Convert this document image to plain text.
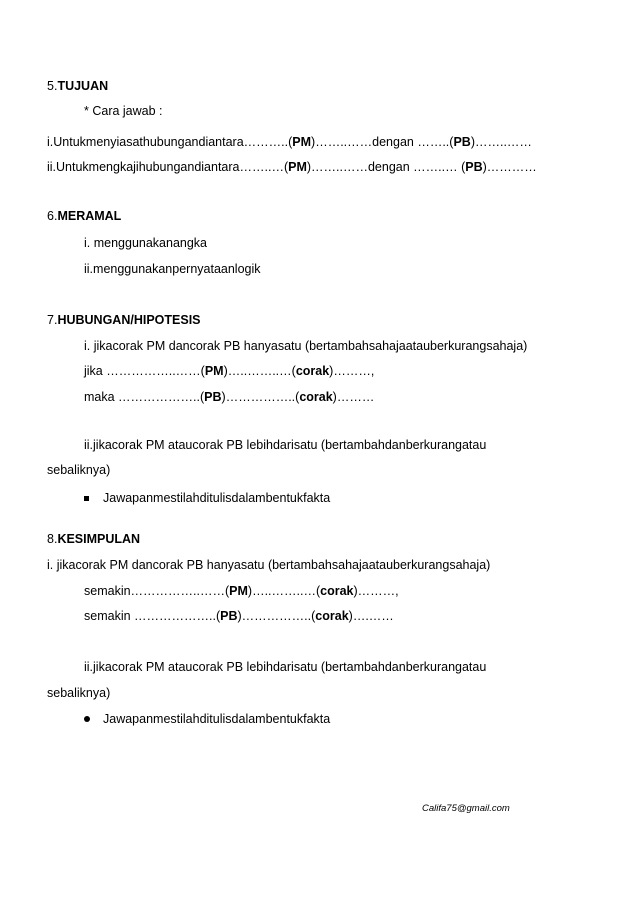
5.TUJUAN
* Cara jawab :
i.Untukmenyiasathubungandiantara………..(PM)……..……dengan ……..(PB)……..……
ii.Untukmengkajihubungandiantara……..…(PM)……..……dengan ……..… (PB)…………
6.MERAMAL
i. menggunakanangka
ii.menggunakanpernyataanlogik
7.HUBUNGAN/HIPOTESIS
i. jikacorak PM dancorak PB hanyasatu (bertambahsahajaatauberkurangsahaja)
jika ……………..……(PM)…..……..…(corak)………,
maka ………………..(PB)……………..(corak)………
ii.jikacorak PM ataucorak PB lebihdarisatu (bertambahdanberkurangatau
sebaliknya)
Jawapanmestilahditulisdalambentukfakta
8.KESIMPULAN
i. jikacorak PM dancorak PB hanyasatu (bertambahsahajaatauberkurangsahaja)
semakin……………..……(PM)…..……..…(corak)………,
semakin ………………..(PB)……………..(corak)….……
ii.jikacorak PM ataucorak PB lebihdarisatu (bertambahdanberkurangatau
sebaliknya)
Jawapanmestilahditulisdalambentukfakta
Califa75@gmail.com
